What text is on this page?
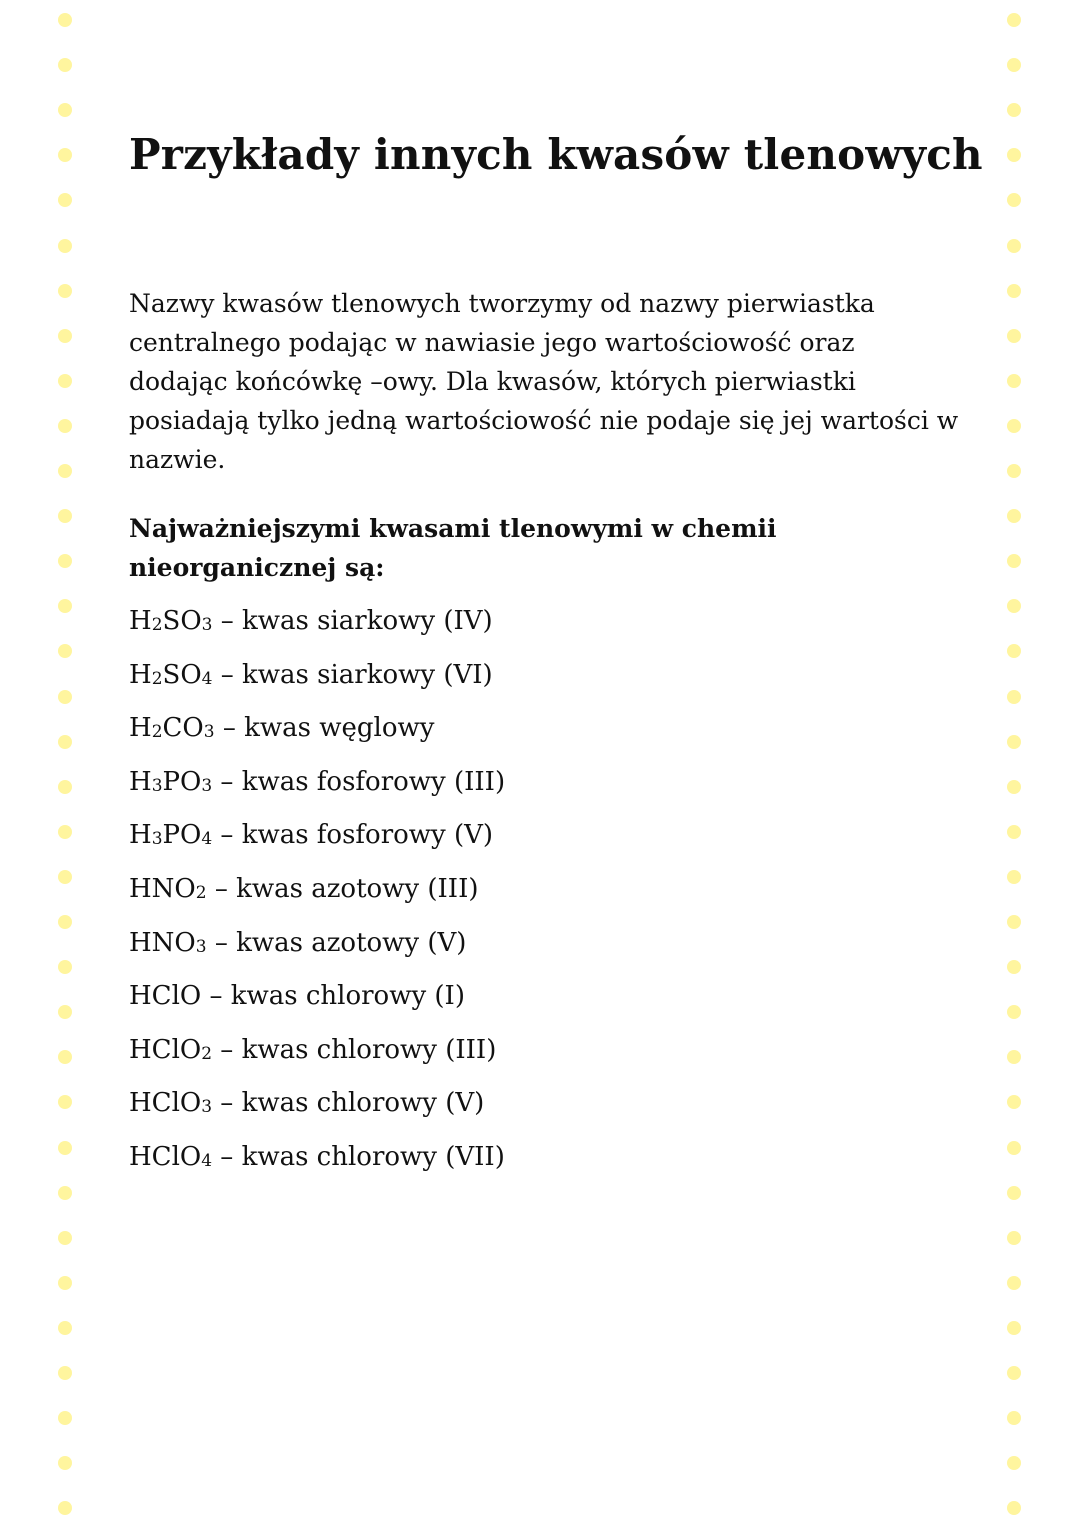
Przykłady innych kwasów tlenowych

Nazwy kwasów tlenowych tworzymy od nazwy pierwiastka centralnego podając w nawiasie jego wartościowość oraz dodając końcówkę –owy. Dla kwasów, których pierwiastki posiadają tylko jedną wartościowość nie podaje się jej wartości w nazwie.

Najważniejszymi kwasami tlenowymi w chemii nieorganicznej są:

$H_2SO_3$ – kwas siarkowy (IV)
$H_2SO_4$ – kwas siarkowy (VI)
$H_2CO_3$ – kwas węglowy
$H_3PO_3$ – kwas fosforowy (III)
$H_3PO_4$ – kwas fosforowy (V)
$HNO_2$ – kwas azotowy (III)
$HNO_3$ – kwas azotowy (V)
HClO – kwas chlorowy (I)
HClO$_2$ – kwas chlorowy (III)
HClO$_3$ – kwas chlorowy (V)
HClO$_4$ – kwas chlorowy (VII)
